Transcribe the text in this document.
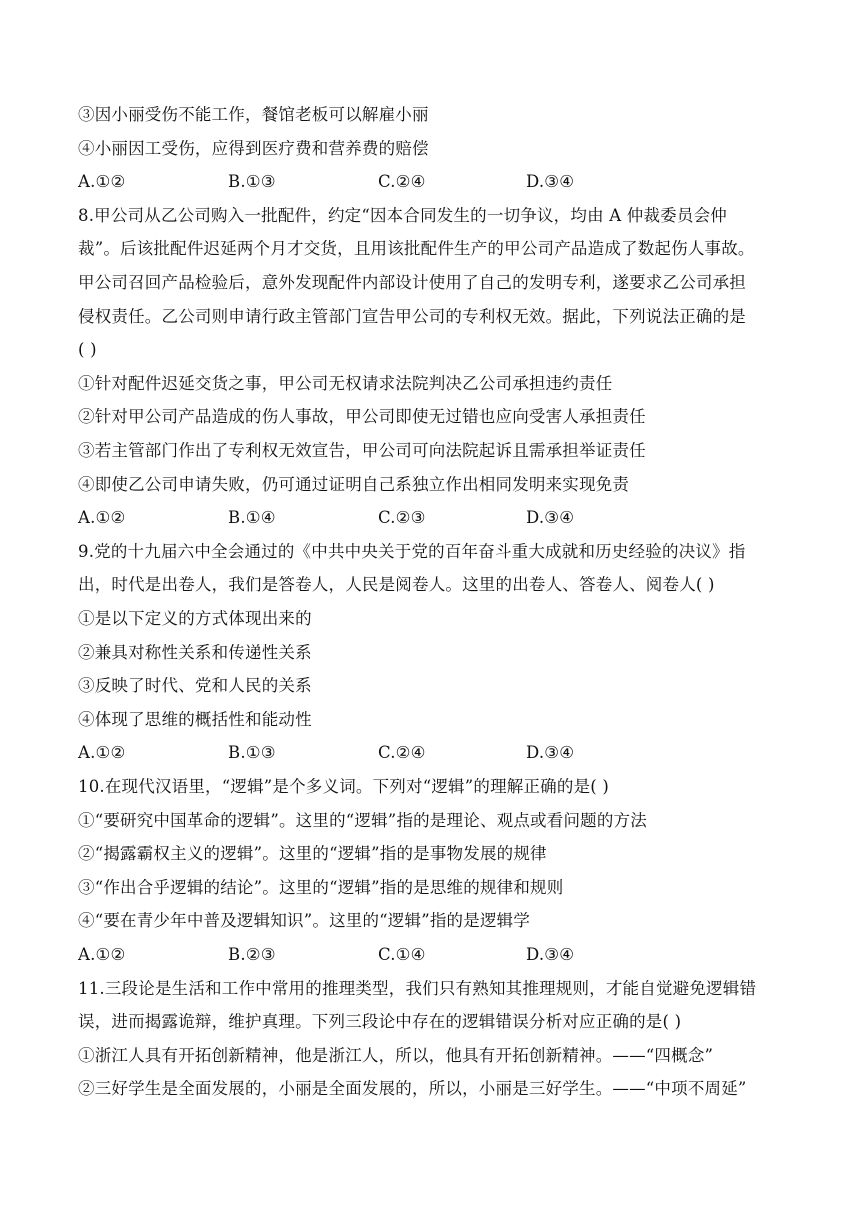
③因小丽受伤不能工作，餐馆老板可以解雇小丽
④小丽因工受伤，应得到医疗费和营养费的赔偿
A.①②	B.①③	C.②④	D.③④
8.甲公司从乙公司购入一批配件，约定“因本合同发生的一切争议，均由 A 仲裁委员会仲
裁”。后该批配件迟延两个月才交货，且用该批配件生产的甲公司产品造成了数起伤人事故。
甲公司召回产品检验后，意外发现配件内部设计使用了自己的发明专利，遂要求乙公司承担
侵权责任。乙公司则申请行政主管部门宣告甲公司的专利权无效。据此，下列说法正确的是
( )
①针对配件迟延交货之事，甲公司无权请求法院判决乙公司承担违约责任
②针对甲公司产品造成的伤人事故，甲公司即使无过错也应向受害人承担责任
③若主管部门作出了专利权无效宣告，甲公司可向法院起诉且需承担举证责任
④即使乙公司申请失败，仍可通过证明自己系独立作出相同发明来实现免责
A.①②	B.①④	C.②③	D.③④
9.党的十九届六中全会通过的《中共中央关于党的百年奋斗重大成就和历史经验的决议》指
出，时代是出卷人，我们是答卷人，人民是阅卷人。这里的出卷人、答卷人、阅卷人( )
①是以下定义的方式体现出来的
②兼具对称性关系和传递性关系
③反映了时代、党和人民的关系
④体现了思维的概括性和能动性
A.①②	B.①③	C.②④	D.③④
10.在现代汉语里，“逻辑”是个多义词。下列对“逻辑”的理解正确的是( )
①“要研究中国革命的逻辑”。这里的“逻辑”指的是理论、观点或看问题的方法
②“揭露霸权主义的逻辑”。这里的“逻辑”指的是事物发展的规律
③“作出合乎逻辑的结论”。这里的“逻辑”指的是思维的规律和规则
④“要在青少年中普及逻辑知识”。这里的“逻辑”指的是逻辑学
A.①②	B.②③	C.①④	D.③④
11.三段论是生活和工作中常用的推理类型，我们只有熟知其推理规则，才能自觉避免逻辑错
误，进而揭露诡辩，维护真理。下列三段论中存在的逻辑错误分析对应正确的是( )
①浙江人具有开拓创新精神，他是浙江人，所以，他具有开拓创新精神。——“四概念”
②三好学生是全面发展的，小丽是全面发展的，所以，小丽是三好学生。——“中项不周延”
